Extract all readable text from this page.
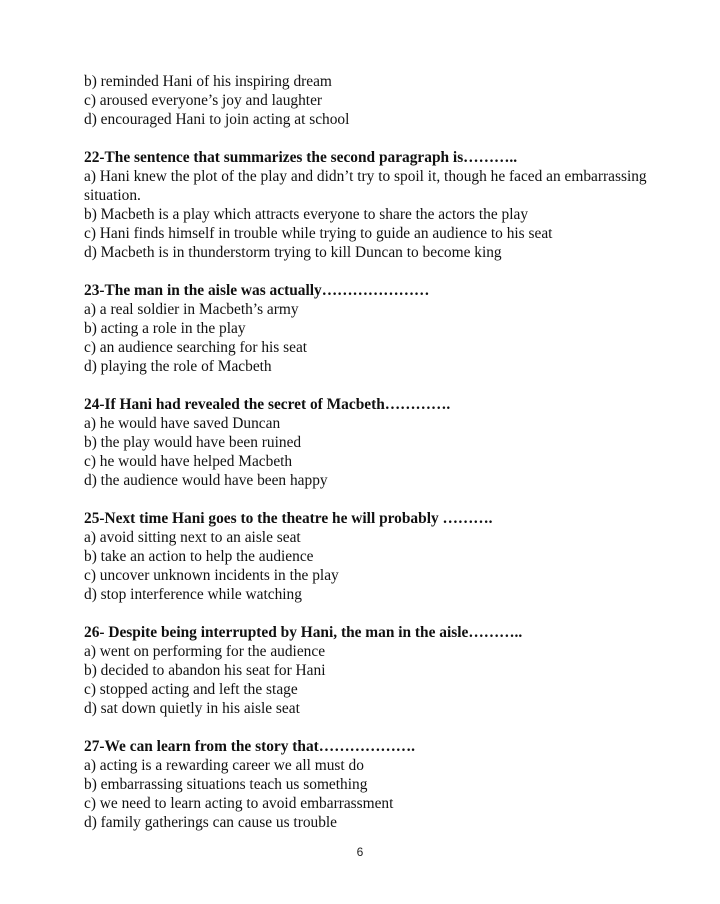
b) reminded Hani of his inspiring dream
c) aroused everyone’s joy and laughter
d) encouraged Hani to join acting at school
22-The sentence that summarizes the second paragraph is………..
a) Hani knew the plot of the play and didn’t try to spoil it, though he faced an embarrassing situation.
b) Macbeth is a play which attracts everyone to share the actors the play
c) Hani finds himself in trouble while trying to guide an audience to his seat
d) Macbeth is in thunderstorm trying to kill Duncan to become king
23-The man in the aisle was actually…………………
a) a real soldier in Macbeth’s army
b) acting a role in the play
c) an audience searching for his seat
d) playing the role of Macbeth
24-If Hani had revealed the secret of Macbeth………….
a) he would have saved Duncan
b) the play would have been ruined
c) he would have helped Macbeth
d) the audience would have been happy
25-Next time Hani goes to the theatre he will probably ……….
a) avoid sitting next to an aisle seat
b) take an action to help the audience
c) uncover unknown incidents in the play
d) stop interference while watching
26- Despite being interrupted by Hani, the man in the aisle………..
a) went on performing for the audience
b) decided to abandon his seat for Hani
c) stopped acting and left the stage
d) sat down quietly in his aisle seat
27-We can learn from the story that……………….
a) acting is a rewarding career we all must do
b) embarrassing situations teach us something
c) we need to learn acting to avoid embarrassment
d) family gatherings can cause us trouble
6
